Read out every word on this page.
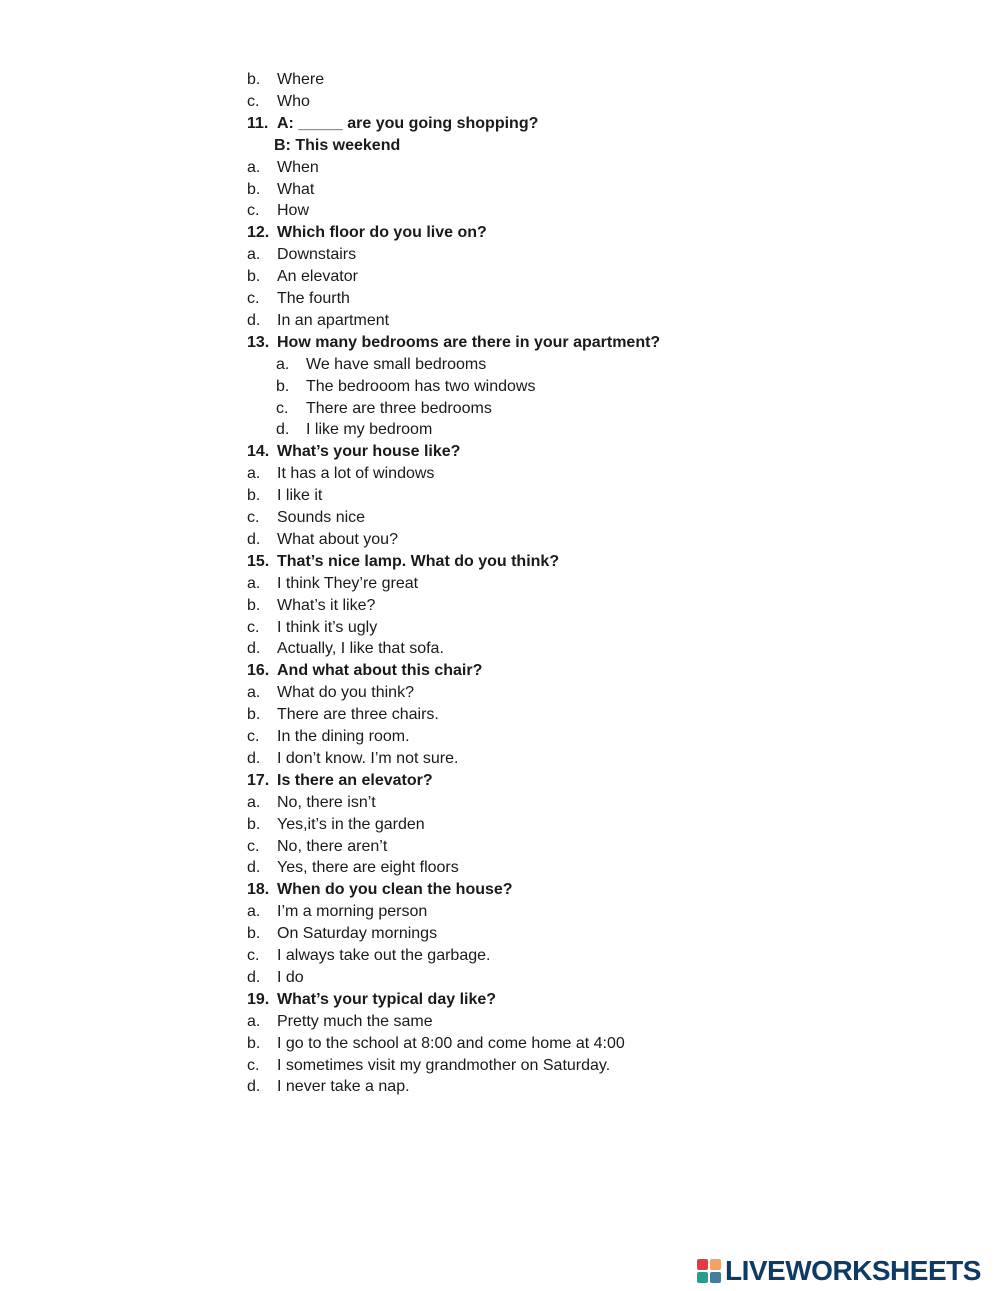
b. Where
c. Who
11. A: _____ are you going shopping?
B: This weekend
a. When
b. What
c. How
12. Which floor do you live on?
a. Downstairs
b. An elevator
c. The fourth
d. In an apartment
13. How many bedrooms are there in your apartment?
a. We have small bedrooms
b. The bedrooom has two windows
c. There are three bedrooms
d. I like my bedroom
14. What’s your house like?
a. It has a lot of windows
b. I like it
c. Sounds nice
d. What about you?
15. That’s nice lamp. What do you think?
a. I think They’re great
b. What’s it like?
c. I think it’s ugly
d. Actually, I like that sofa.
16. And what about this chair?
a. What do you think?
b. There are three chairs.
c. In the dining room.
d. I don’t know. I’m not sure.
17. Is there an elevator?
a. No, there isn’t
b. Yes,it’s in the garden
c. No, there aren’t
d. Yes, there are eight floors
18. When do you clean the house?
a. I’m a morning person
b. On Saturday mornings
c. I always take out the garbage.
d. I do
19. What’s your typical day like?
a. Pretty much the same
b. I go to the school at 8:00 and come home at 4:00
c. I sometimes visit my grandmother on Saturday.
d. I never take a nap.
LIVEWORKSHEETS
